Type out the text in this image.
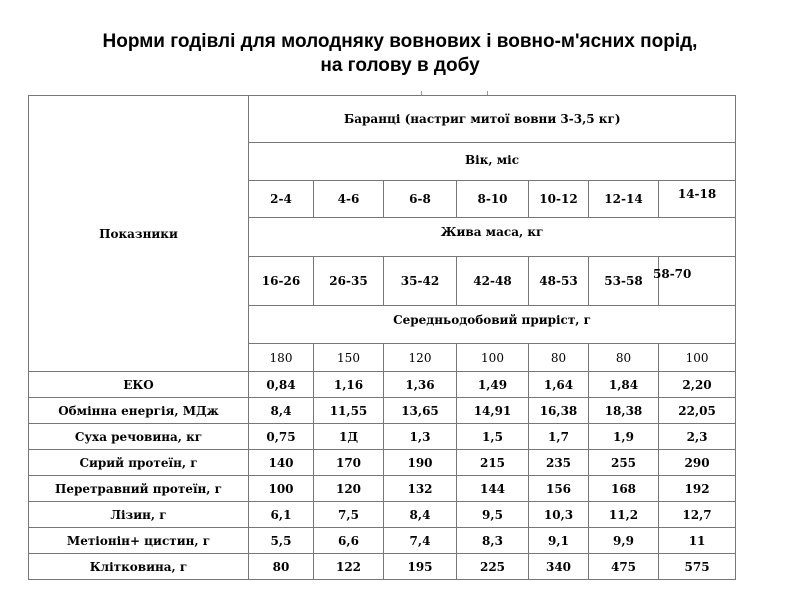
Норми годівлі для молодняку вовнових і вовно-м'ясних порід,
на голову в добу
Показники	Баранці (настриг митої вовни 3-3,5 кг)						
	Вік, міс						
	2-4	4-6	6-8	8-10	10-12	12-14	14-18
	Жива маса, кг						
	16-26	26-35	35-42	42-48	48-53	53-58	58-70
	Середньодобовий приріст, г						
	180	150	120	100	80	80	100
ЕКО	0,84	1,16	1,36	1,49	1,64	1,84	2,20
Обмінна енергія, МДж	8,4	11,55	13,65	14,91	16,38	18,38	22,05
Суха речовина, кг	0,75	1Д	1,3	1,5	1,7	1,9	2,3
Сирий протеїн, г	140	170	190	215	235	255	290
Перетравний протеїн, г	100	120	132	144	156	168	192
Лізин, г	6,1	7,5	8,4	9,5	10,3	11,2	12,7
Метіонін+ цистин, г	5,5	6,6	7,4	8,3	9,1	9,9	11
Клітковина, г	80	122	195	225	340	475	575
